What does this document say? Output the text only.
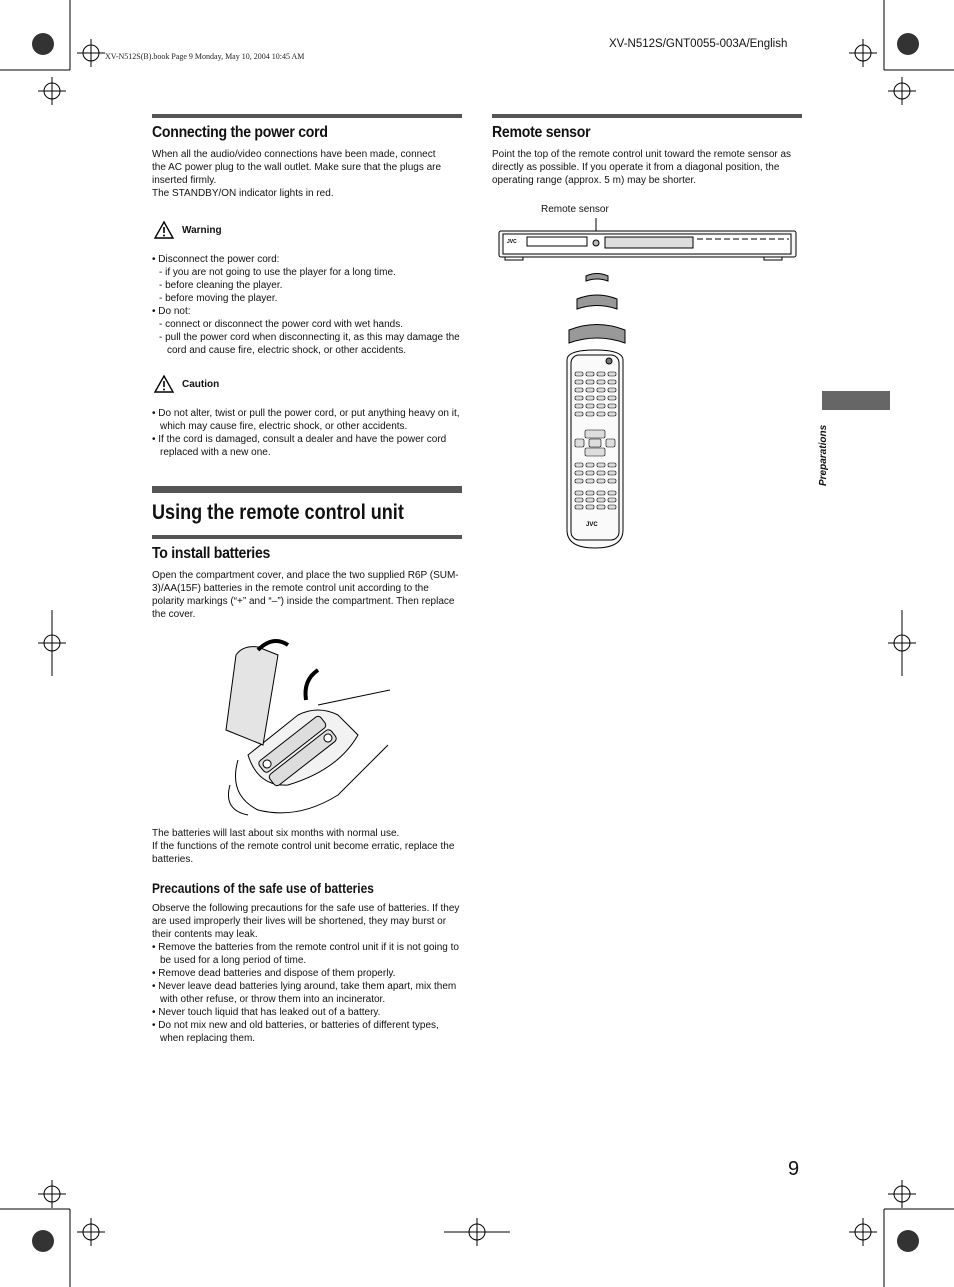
XV-N512S(B).book Page 9 Monday, May 10, 2004 10:45 AM
XV-N512S/GNT0055-003A/English
Connecting the power cord

When all the audio/video connections have been made, connect

the AC power plug to the wall outlet. Make sure that the plugs are

inserted firmly.

The STANDBY/ON indicator lights in red.

Warning
• Disconnect the power cord:
- if you are not going to use the player for a long time.
- before cleaning the player.
- before moving the player.
• Do not:
- connect or disconnect the power cord with wet hands.
- pull the power cord when disconnecting it, as this may damage the cord and cause fire, electric shock, or other accidents.
Caution
• Do not alter, twist or pull the power cord, or put anything heavy on it, which may cause fire, electric shock, or other accidents.
• If the cord is damaged, consult a dealer and have the power cord replaced with a new one.
Using the remote control unit
To install batteries

Open the compartment cover, and place the two supplied R6P (SUM-3)/AA(15F) batteries in the remote control unit according to the polarity markings (“+” and “–”) inside the compartment. Then replace the cover.

The batteries will last about six months with normal use.

If the functions of the remote control unit become erratic, replace the batteries.

Precautions of the safe use of batteries

Observe the following precautions for the safe use of batteries. If they are used improperly their lives will be shortened, they may burst or their contents may leak.

• Remove the batteries from the remote control unit if it is not going to be used for a long period of time.
• Remove dead batteries and dispose of them properly.
• Never leave dead batteries lying around, take them apart, mix them with other refuse, or throw them into an incinerator.
• Never touch liquid that has leaked out of a battery.
• Do not mix new and old batteries, or batteries of different types, when replacing them.
Remote sensor

Point the top of the remote control unit toward the remote sensor as directly as possible. If you operate it from a diagonal position, the operating range (approx. 5 m) may be shorter.

Remote sensor
JVC
JVC
Preparations
9
